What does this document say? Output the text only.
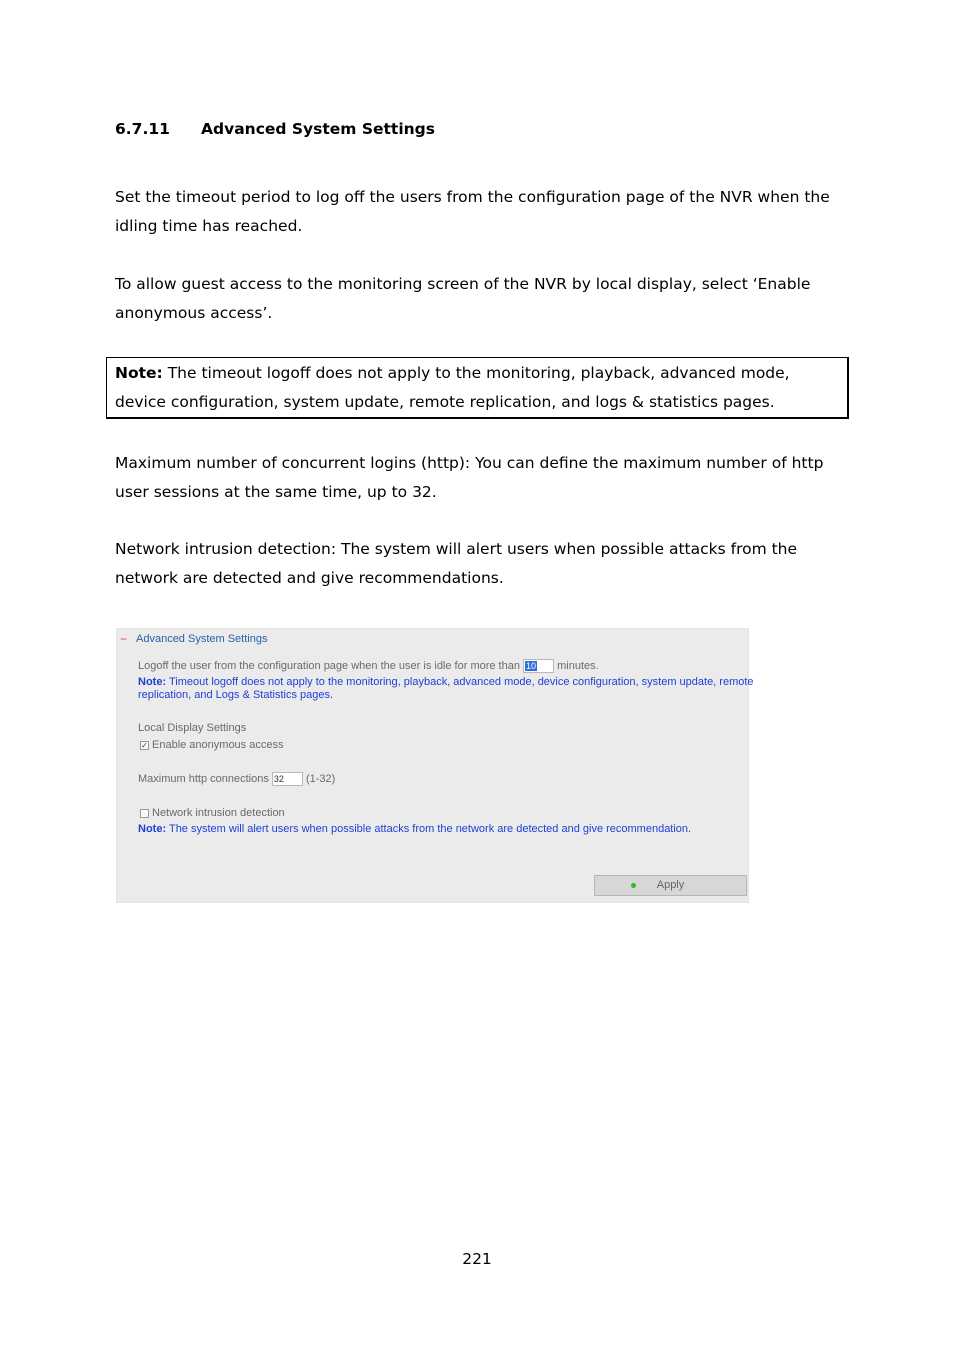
6.7.11 Advanced System Settings
Set the timeout period to log off the users from the configuration page of the NVR when the idling time has reached.
To allow guest access to the monitoring screen of the NVR by local display, select ‘Enable anonymous access’.
Note: The timeout logoff does not apply to the monitoring, playback, advanced mode, device configuration, system update, remote replication, and logs & statistics pages.
Maximum number of concurrent logins (http): You can define the maximum number of http user sessions at the same time, up to 32.
Network intrusion detection: The system will alert users when possible attacks from the network are detected and give recommendations.
− Advanced System Settings
Logoff the user from the configuration page when the user is idle for more than 10 minutes.
Note: Timeout logoff does not apply to the monitoring, playback, advanced mode, device configuration, system update, remote
replication, and Logs & Statistics pages.
Local Display Settings
✓ Enable anonymous access
Maximum http connections 32 (1-32)
Network intrusion detection
Note: The system will alert users when possible attacks from the network are detected and give recommendation.
Apply
221
